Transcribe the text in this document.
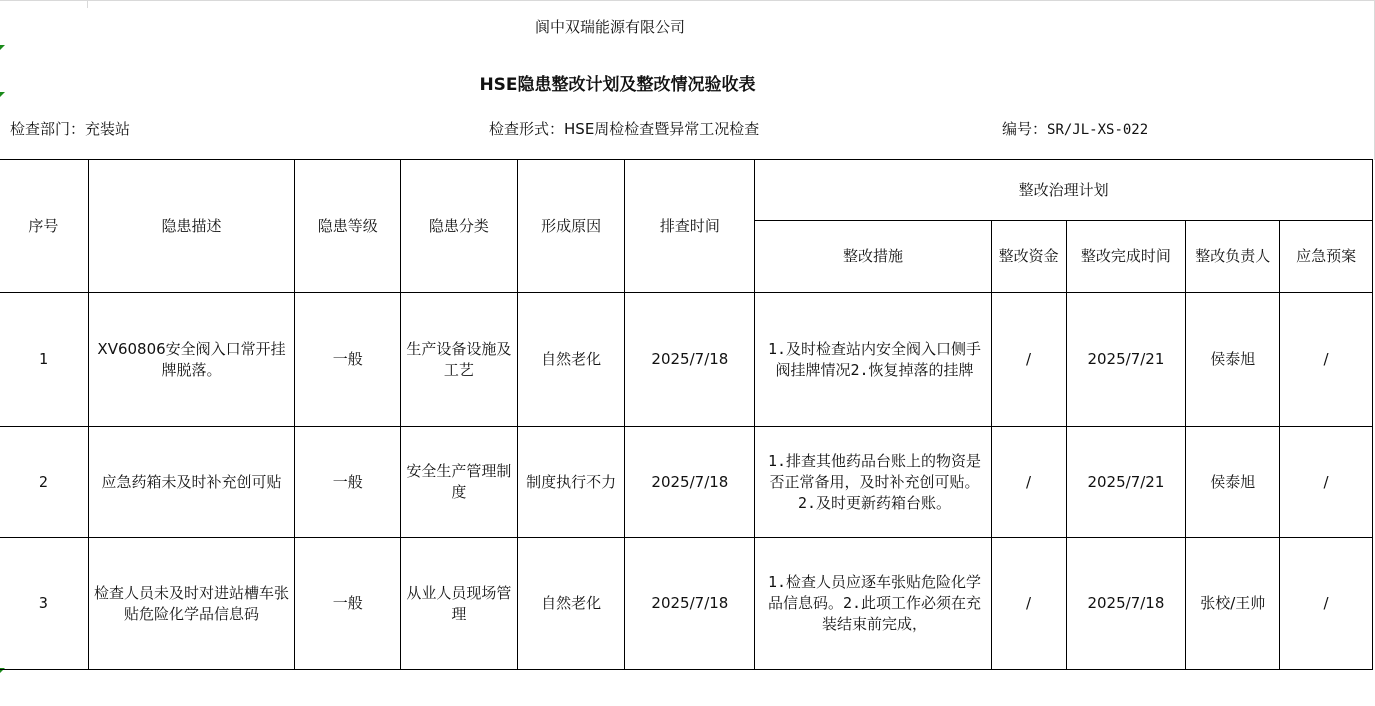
阆中双瑞能源有限公司
HSE隐患整改计划及整改情况验收表
检查部门：充装站	检查形式：HSE周检检查暨异常工况检查	编号：SR/JL-XS-022
序号	隐患描述	隐患等级	隐患分类	形成原因	排查时间	整改治理计划				
						整改措施	整改资金	整改完成时间	整改负责人	应急预案
1	XV60806安全阀入口常开挂牌脱落。	一般	生产设备设施及工艺	自然老化	2025/7/18	1.及时检查站内安全阀入口侧手阀挂牌情况2.恢复掉落的挂牌	/	2025/7/21	侯泰旭	/
2	应急药箱未及时补充创可贴	一般	安全生产管理制度	制度执行不力	2025/7/18	1.排查其他药品台账上的物资是否正常备用，及时补充创可贴。2.及时更新药箱台账。	/	2025/7/21	侯泰旭	/
3	检查人员未及时对进站槽车张贴危险化学品信息码	一般	从业人员现场管理	自然老化	2025/7/18	1.检查人员应逐车张贴危险化学品信息码。2.此项工作必须在充装结束前完成，	/	2025/7/18	张校/王帅	/
